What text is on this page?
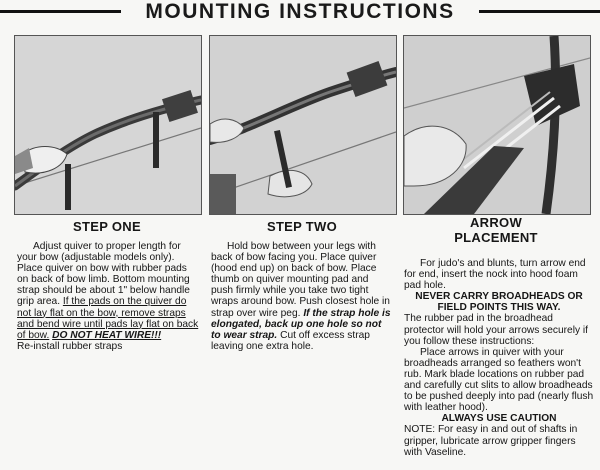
MOUNTING INSTRUCTIONS
STEP ONE	STEP TWO	ARROW PLACEMENT
Adjust quiver to proper length for your bow (adjustable models only). Place quiver on bow with rubber pads on back of bow limb. Bottom mounting strap should be about 1" below handle grip area. If the pads on the quiver do not lay flat on the bow, remove straps and bend wire until pads lay flat on back of bow. DO NOT HEAT WIRE!!!
Re-install rubber straps
Hold bow between your legs with back of bow facing you. Place quiver (hood end up) on back of bow. Place thumb on quiver mounting pad and push firmly while you take two tight wraps around bow. Push closest hole in strap over wire peg. If the strap hole is elongated, back up one hole so not to wear strap. Cut off excess strap leaving one extra hole.
For judo's and blunts, turn arrow end for end, insert the nock into hood foam pad hole.
NEVER CARRY BROADHEADS OR FIELD POINTS THIS WAY.
The rubber pad in the broadhead protector will hold your arrows securely if you follow these instructions:
Place arrows in quiver with your broadheads arranged so feathers won't rub. Mark blade locations on rubber pad and carefully cut slits to allow broadheads to be pushed deeply into pad (nearly flush with leather hood).
ALWAYS USE CAUTION
NOTE: For easy in and out of shafts in gripper, lubricate arrow gripper fingers with Vaseline.
